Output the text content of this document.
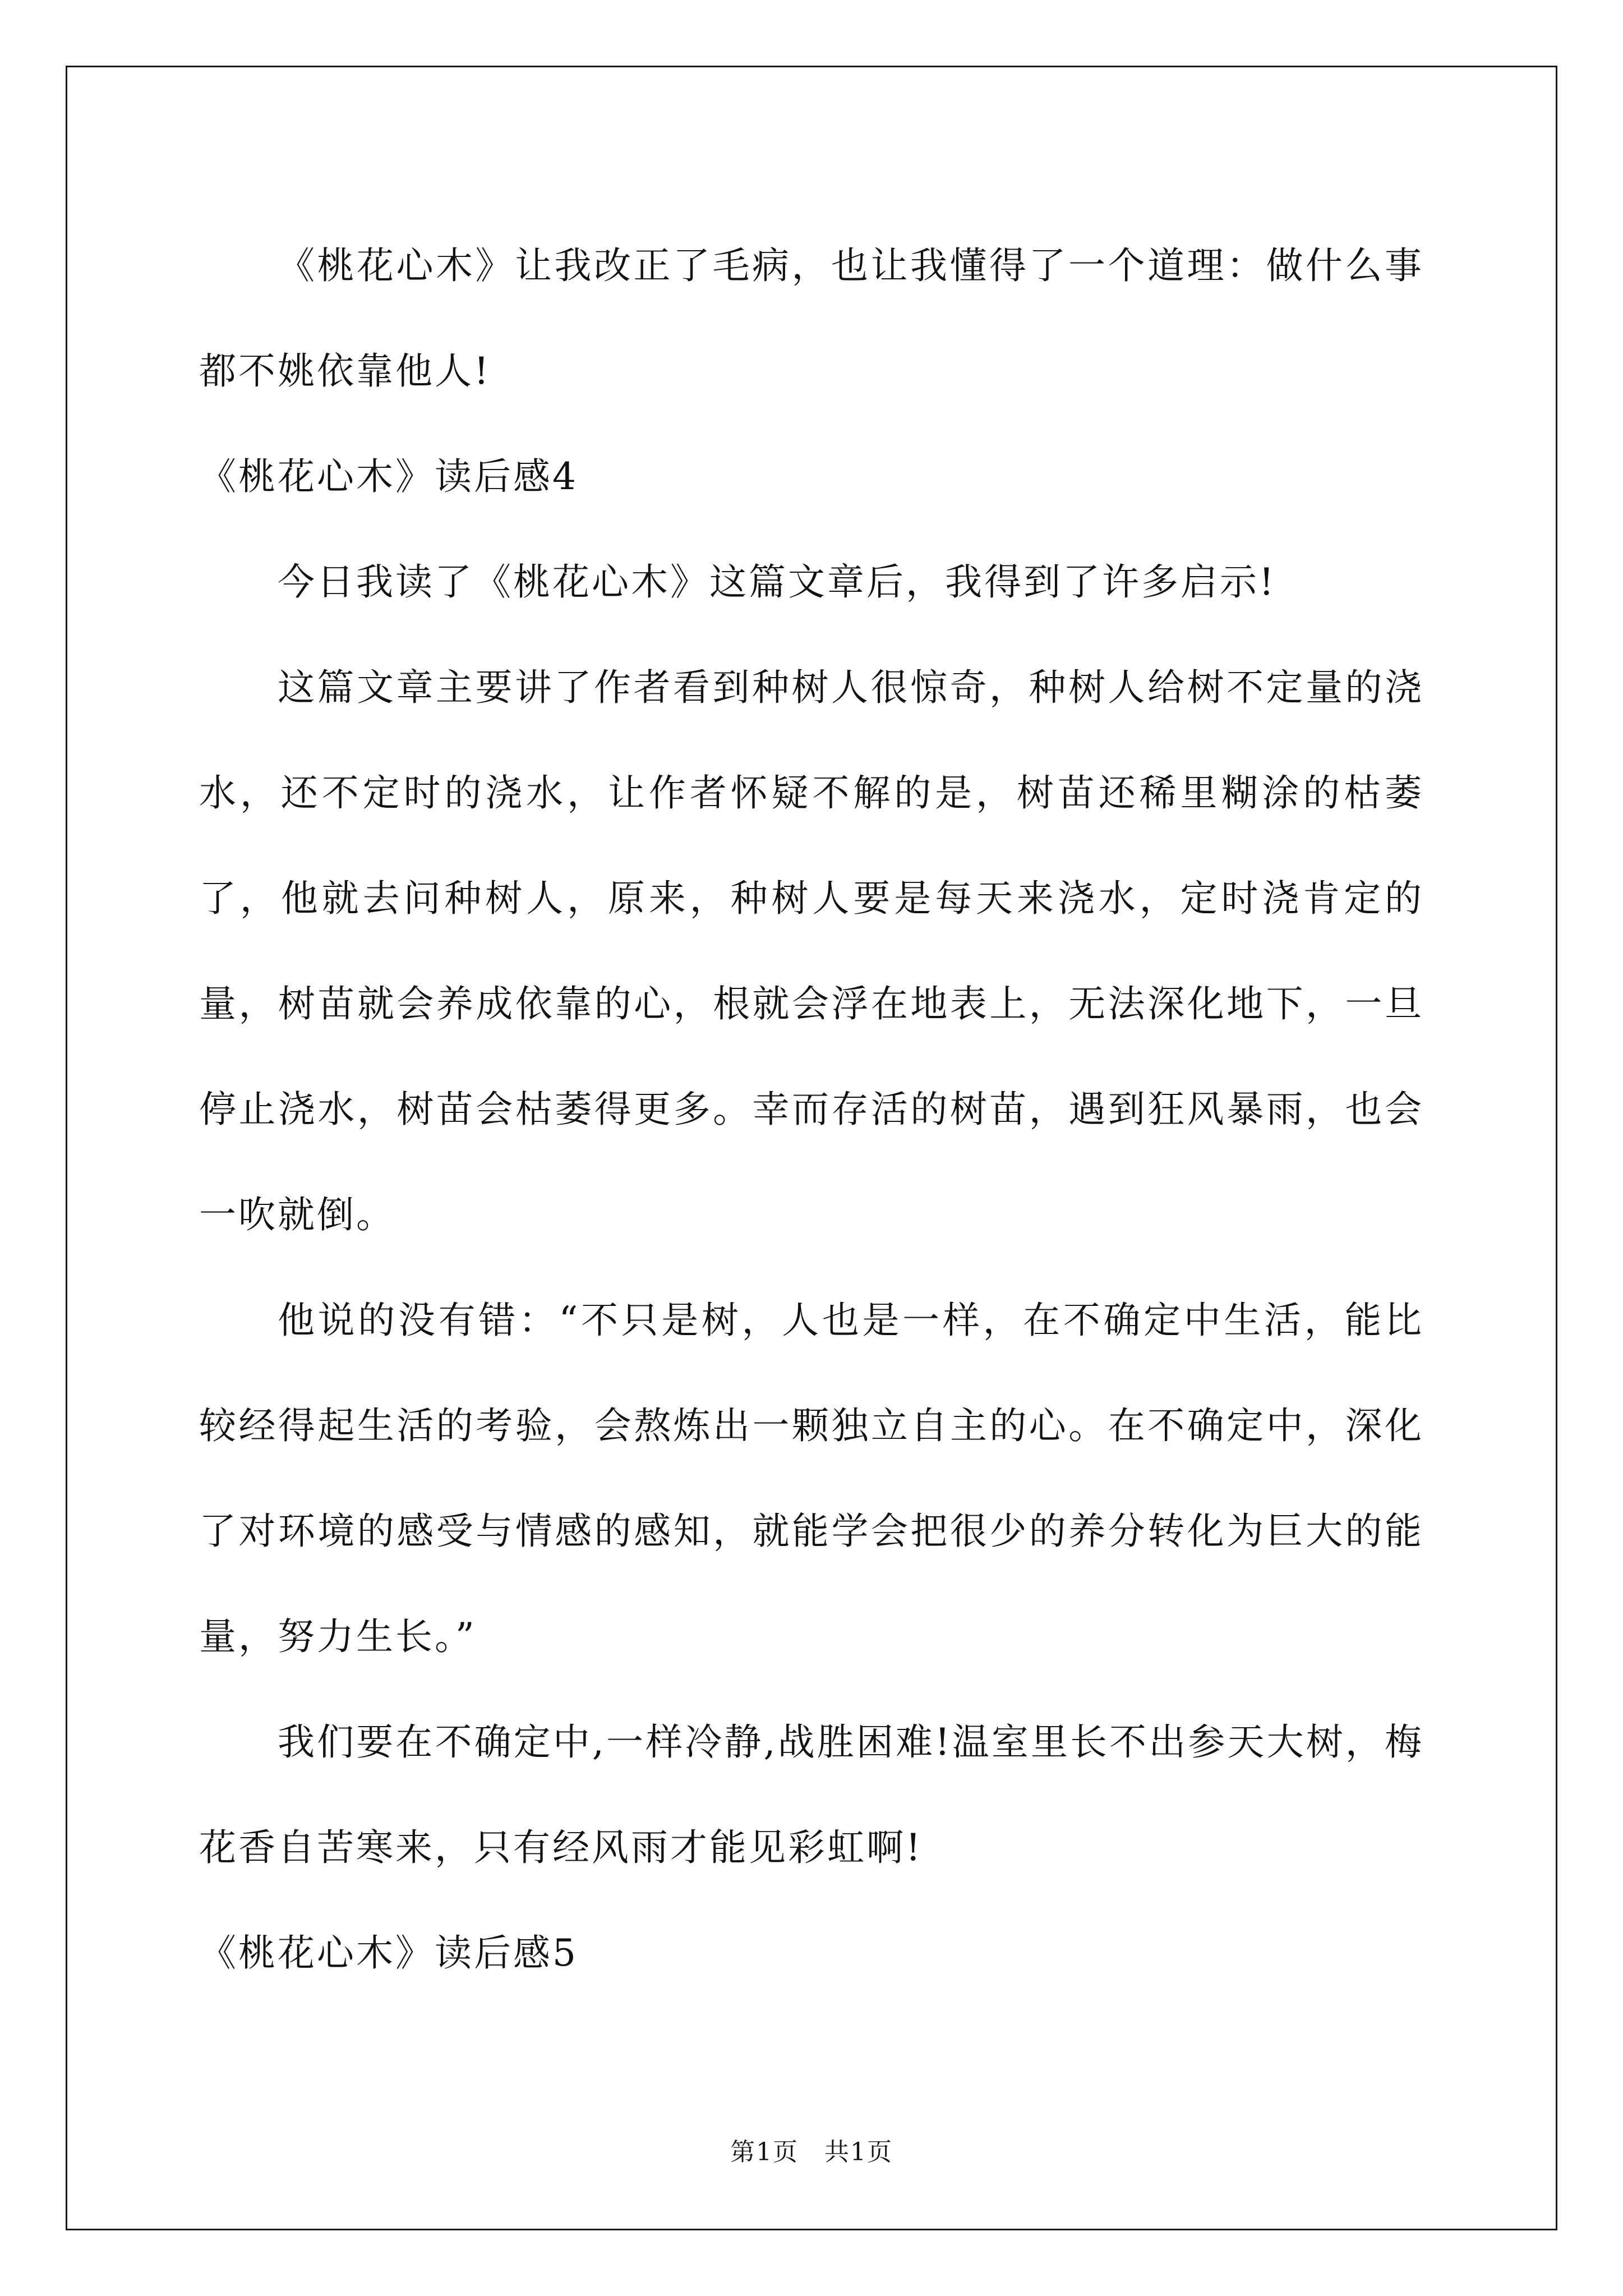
《桃花心木》让我改正了毛病，也让我懂得了一个道理：做什么事都不姚依靠他人!

《桃花心木》读后感4

今日我读了《桃花心木》这篇文章后，我得到了许多启示!

这篇文章主要讲了作者看到种树人很惊奇，种树人给树不定量的浇水，还不定时的浇水，让作者怀疑不解的是，树苗还稀里糊涂的枯萎了，他就去问种树人，原来，种树人要是每天来浇水，定时浇肯定的量，树苗就会养成依靠的心，根就会浮在地表上，无法深化地下，一旦停止浇水，树苗会枯萎得更多。幸而存活的树苗，遇到狂风暴雨，也会一吹就倒。

他说的没有错：“不只是树，人也是一样，在不确定中生活，能比较经得起生活的考验，会熬炼出一颗独立自主的心。在不确定中，深化了对环境的感受与情感的感知，就能学会把很少的养分转化为巨大的能量，努力生长。”

我们要在不确定中,一样冷静,战胜困难!温室里长不出参天大树，梅花香自苦寒来，只有经风雨才能见彩虹啊!

《桃花心木》读后感5

第1页　共1页
